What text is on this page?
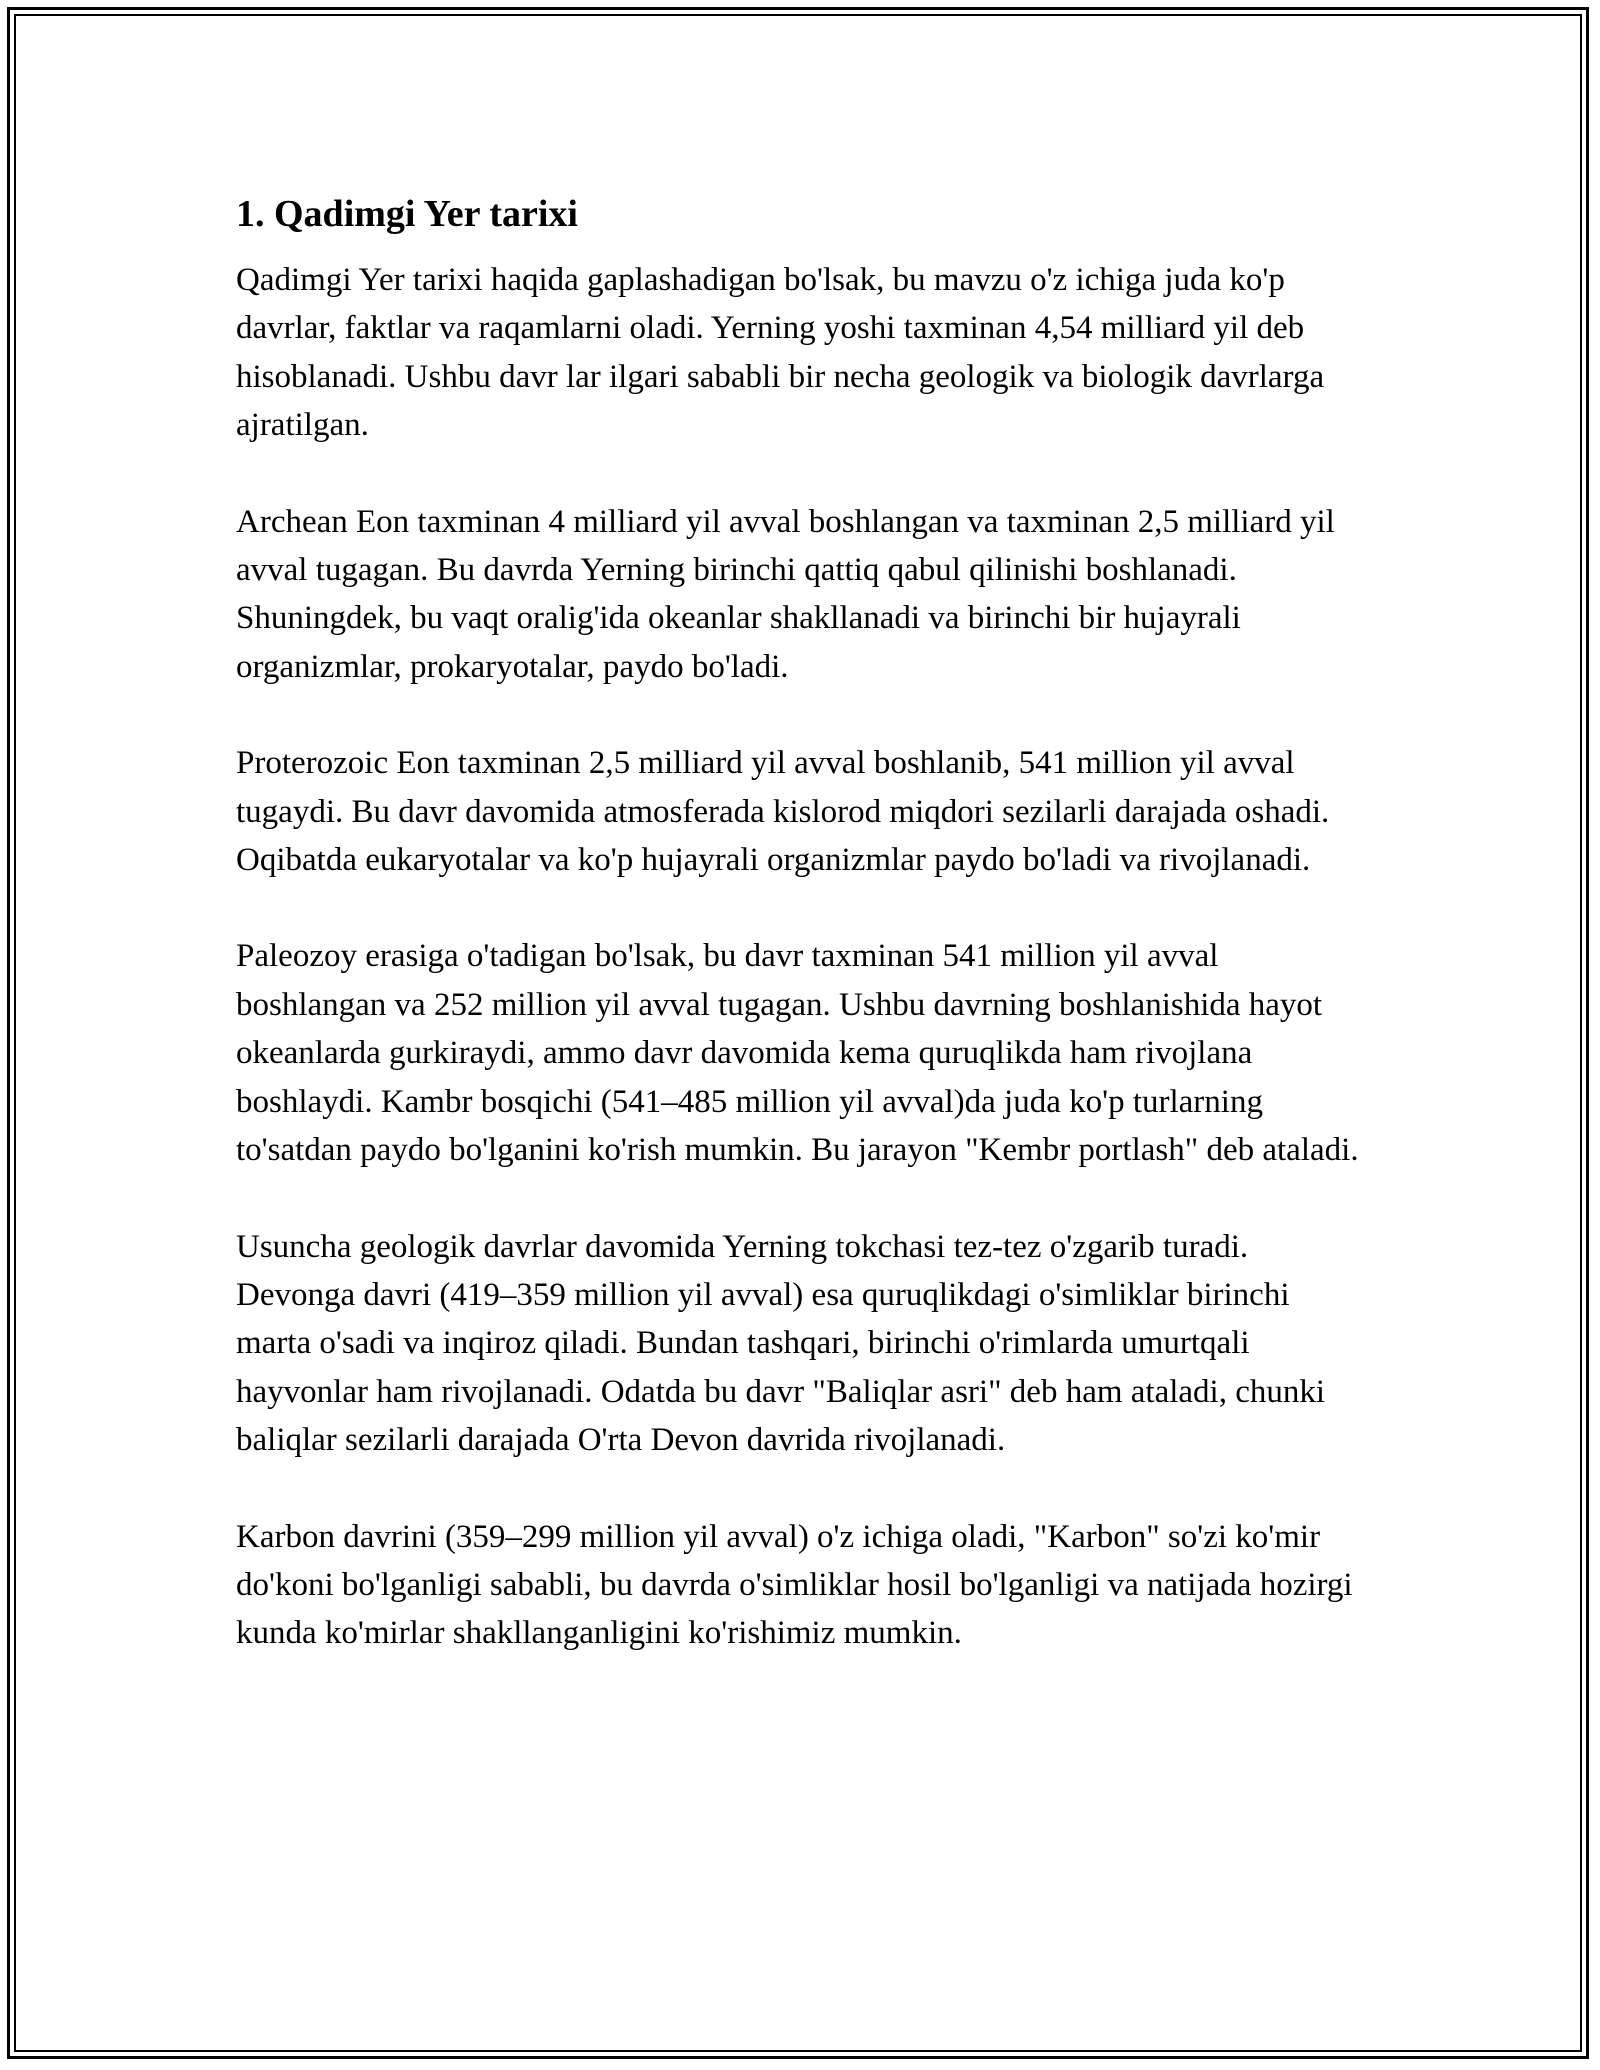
1. Qadimgi Yer tarixi

Qadimgi Yer tarixi haqida gaplashadigan bo'lsak, bu mavzu o'z ichiga juda ko'p davrlar, faktlar va raqamlarni oladi. Yerning yoshi taxminan 4,54 milliard yil deb hisoblanadi. Ushbu davr lar ilgari sababli bir necha geologik va biologik davrlarga ajratilgan.

Archean Eon taxminan 4 milliard yil avval boshlangan va taxminan 2,5 milliard yil avval tugagan. Bu davrda Yerning birinchi qattiq qabul qilinishi boshlanadi. Shuningdek, bu vaqt oralig'ida okeanlar shakllanadi va birinchi bir hujayrali organizmlar, prokaryotalar, paydo bo'ladi.

Proterozoic Eon taxminan 2,5 milliard yil avval boshlanib, 541 million yil avval tugaydi. Bu davr davomida atmosferada kislorod miqdori sezilarli darajada oshadi. Oqibatda eukaryotalar va ko'p hujayrali organizmlar paydo bo'ladi va rivojlanadi.

Paleozoy erasiga o'tadigan bo'lsak, bu davr taxminan 541 million yil avval boshlangan va 252 million yil avval tugagan. Ushbu davrning boshlanishida hayot okeanlarda gurkiraydi, ammo davr davomida kema quruqlikda ham rivojlana boshlaydi. Kambr bosqichi (541–485 million yil avval)da juda ko'p turlarning to'satdan paydo bo'lganini ko'rish mumkin. Bu jarayon "Kembr portlash" deb ataladi.

Usuncha geologik davrlar davomida Yerning tokchasi tez-tez o'zgarib turadi. Devonga davri (419–359 million yil avval) esa quruqlikdagi o'simliklar birinchi marta o'sadi va inqiroz qiladi. Bundan tashqari, birinchi o'rimlarda umurtqali hayvonlar ham rivojlanadi. Odatda bu davr "Baliqlar asri" deb ham ataladi, chunki baliqlar sezilarli darajada O'rta Devon davrida rivojlanadi.

Karbon davrini (359–299 million yil avval) o'z ichiga oladi, "Karbon" so'zi ko'mir do'koni bo'lganligi sababli, bu davrda o'simliklar hosil bo'lganligi va natijada hozirgi kunda ko'mirlar shakllanganligini ko'rishimiz mumkin.
